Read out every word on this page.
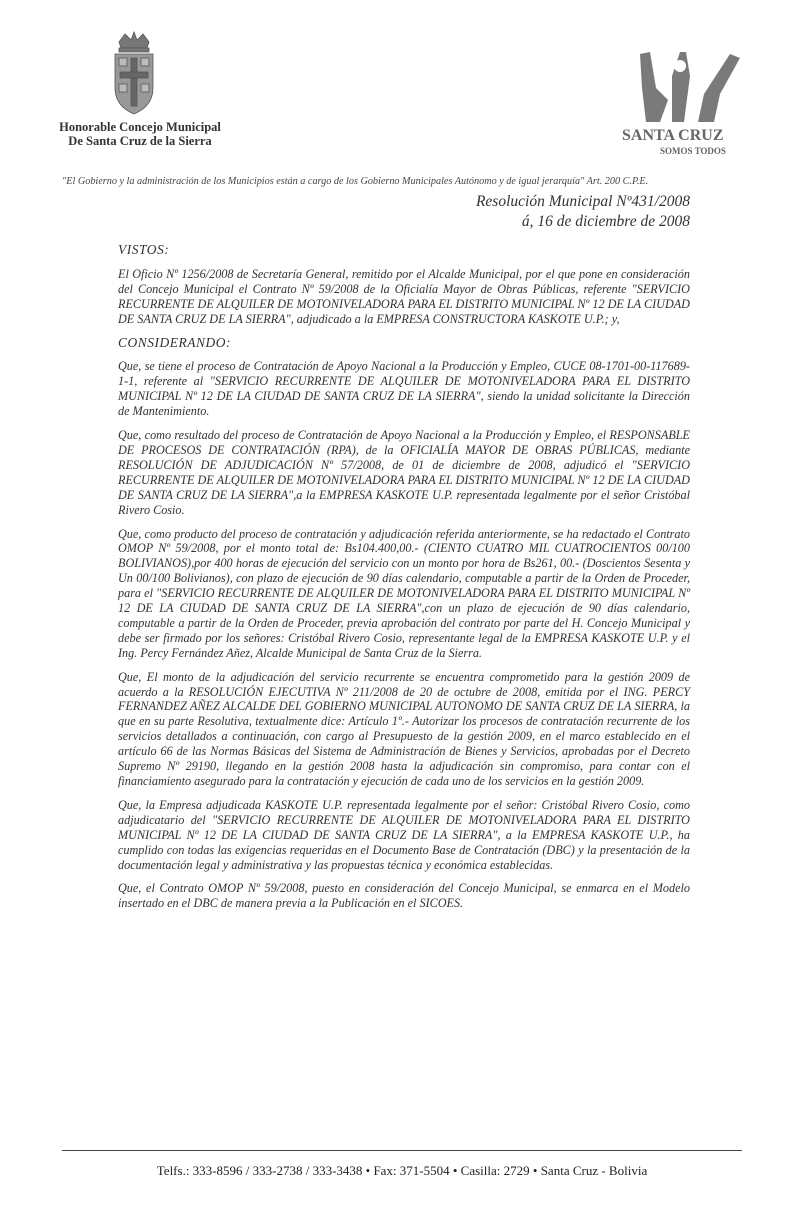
Honorable Concejo Municipal
De Santa Cruz de la Sierra	SANTA CRUZ
SOMOS TODOS
"El Gobierno y la administración de los Municipios están a cargo de los Gobierno Municipales Autónomo y de igual jerarquía" Art. 200 C.P.E.
Resolución Municipal Nº431/2008
á, 16 de diciembre de 2008
VISTOS:

El Oficio Nº 1256/2008 de Secretaría General, remitido por el Alcalde Municipal, por el que pone en consideración del Concejo Municipal el Contrato Nº 59/2008 de la Oficialía Mayor de Obras Públicas, referente "SERVICIO RECURRENTE DE ALQUILER DE MOTONIVELADORA PARA EL DISTRITO MUNICIPAL Nº 12 DE LA CIUDAD DE SANTA CRUZ DE LA SIERRA", adjudicado a la EMPRESA CONSTRUCTORA KASKOTE U.P.; y,

CONSIDERANDO:

Que, se tiene el proceso de Contratación de Apoyo Nacional a la Producción y Empleo, CUCE 08-1701-00-117689-1-1, referente al "SERVICIO RECURRENTE DE ALQUILER DE MOTONIVELADORA PARA EL DISTRITO MUNICIPAL Nº 12 DE LA CIUDAD DE SANTA CRUZ DE LA SIERRA", siendo la unidad solicitante la Dirección de Mantenimiento.

Que, como resultado del proceso de Contratación de Apoyo Nacional a la Producción y Empleo, el RESPONSABLE DE PROCESOS DE CONTRATACIÓN (RPA), de la OFICIALÍA MAYOR DE OBRAS PÚBLICAS, mediante RESOLUCIÓN DE ADJUDICACIÓN Nº 57/2008, de 01 de diciembre de 2008, adjudicó el "SERVICIO RECURRENTE DE ALQUILER DE MOTONIVELADORA PARA EL DISTRITO MUNICIPAL Nº 12 DE LA CIUDAD DE SANTA CRUZ DE LA SIERRA",a la EMPRESA KASKOTE U.P. representada legalmente por el señor Cristóbal Rivero Cosio.

Que, como producto del proceso de contratación y adjudicación referida anteriormente, se ha redactado el Contrato OMOP Nº 59/2008, por el monto total de: Bs104.400,00.- (CIENTO CUATRO MIL CUATROCIENTOS 00/100 BOLIVIANOS),por 400 horas de ejecución del servicio con un monto por hora de Bs261, 00.- (Doscientos Sesenta y Un 00/100 Bolivianos), con plazo de ejecución de 90 días calendario, computable a partir de la Orden de Proceder, para el "SERVICIO RECURRENTE DE ALQUILER DE MOTONIVELADORA PARA EL DISTRITO MUNICIPAL Nº 12 DE LA CIUDAD DE SANTA CRUZ DE LA SIERRA",con un plazo de ejecución de 90 días calendario, computable a partir de la Orden de Proceder, previa aprobación del contrato por parte del H. Concejo Municipal y debe ser firmado por los señores: Cristóbal Rivero Cosio, representante legal de la EMPRESA KASKOTE U.P. y el Ing. Percy Fernández Añez, Alcalde Municipal de Santa Cruz de la Sierra.

Que, El monto de la adjudicación del servicio recurrente se encuentra comprometido para la gestión 2009 de acuerdo a la RESOLUCIÓN EJECUTIVA Nº 211/2008 de 20 de octubre de 2008, emitida por el ING. PERCY FERNANDEZ AÑEZ ALCALDE DEL GOBIERNO MUNICIPAL AUTONOMO DE SANTA CRUZ DE LA SIERRA, la que en su parte Resolutiva, textualmente dice: Artículo 1º.- Autorizar los procesos de contratación recurrente de los servicios detallados a continuación, con cargo al Presupuesto de la gestión 2009, en el marco establecido en el artículo 66 de las Normas Básicas del Sistema de Administración de Bienes y Servicios, aprobadas por el Decreto Supremo Nº 29190, llegando en la gestión 2008 hasta la adjudicación sin compromiso, para contar con el financiamiento asegurado para la contratación y ejecución de cada uno de los servicios en la gestión 2009.

Que, la Empresa adjudicada KASKOTE U.P. representada legalmente por el señor: Cristóbal Rivero Cosio, como adjudicatario del "SERVICIO RECURRENTE DE ALQUILER DE MOTONIVELADORA PARA EL DISTRITO MUNICIPAL Nº 12 DE LA CIUDAD DE SANTA CRUZ DE LA SIERRA", a la EMPRESA KASKOTE U.P., ha cumplido con todas las exigencias requeridas en el Documento Base de Contratación (DBC) y la presentación de la documentación legal y administrativa y las propuestas técnica y económica establecidas.

Que, el Contrato OMOP Nº 59/2008, puesto en consideración del Concejo Municipal, se enmarca en el Modelo insertado en el DBC de manera previa a la Publicación en el SICOES.

Telfs.: 333-8596 / 333-2738 / 333-3438 • Fax: 371-5504 • Casilla: 2729 • Santa Cruz - Bolivia
